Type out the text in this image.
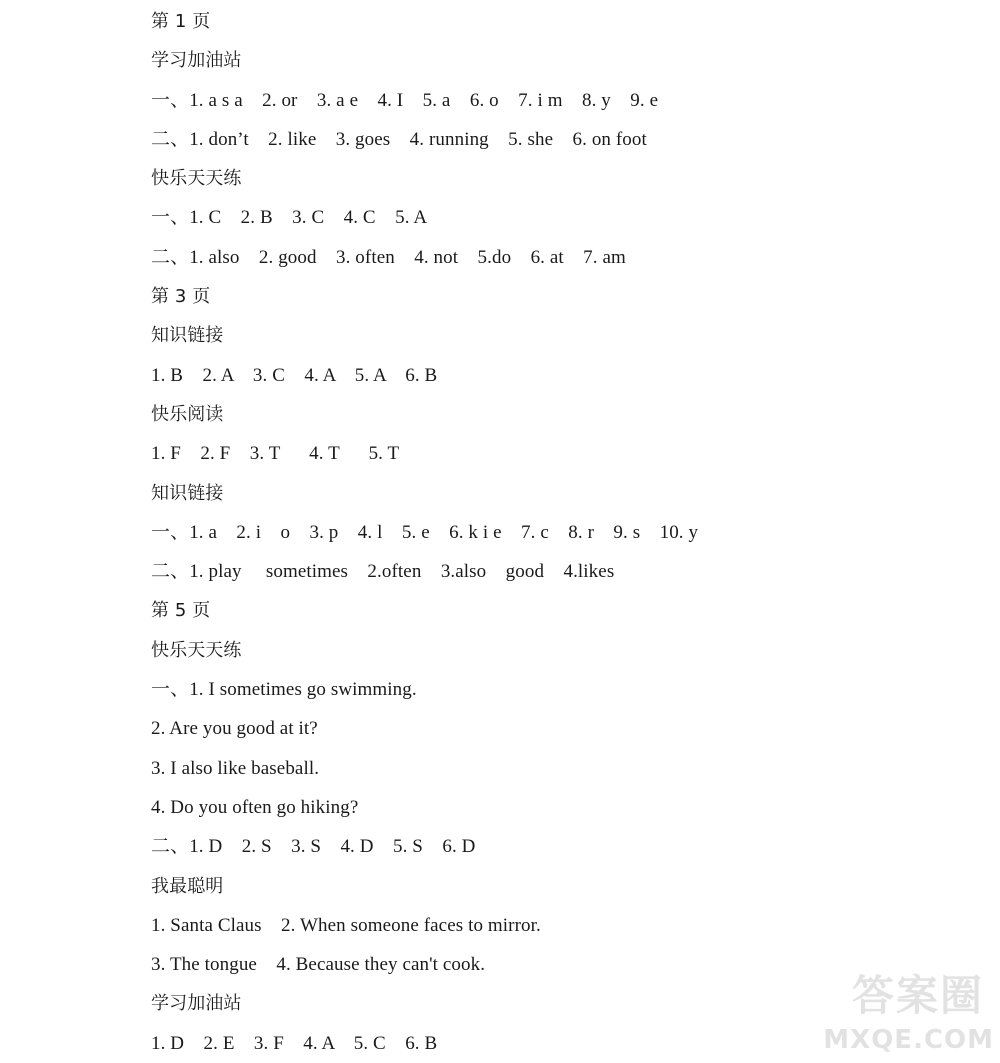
第 1 页
学习加油站
一、1. a s a    2. or    3. a e    4. I    5. a    6. o    7. i m    8. y    9. e
二、1. don’t    2. like    3. goes    4. running    5. she    6. on foot
快乐天天练
一、1. C    2. B    3. C    4. C    5. A
二、1. also    2. good    3. often    4. not    5.do    6. at    7. am
第 3 页
知识链接
1. B    2. A    3. C    4. A    5. A    6. B
快乐阅读
1. F    2. F    3. T      4. T      5. T
知识链接
一、1. a    2. i    o    3. p    4. l    5. e    6. k i e    7. c    8. r    9. s    10. y
二、1. play     sometimes    2.often    3.also    good    4.likes
第 5 页
快乐天天练
一、1. I sometimes go swimming.
2. Are you good at it?
3. I also like baseball.
4. Do you often go hiking?
二、1. D    2. S    3. S    4. D    5. S    6. D
我最聪明
1. Santa Claus    2. When someone faces to mirror.
3. The tongue    4. Because they can't cook.
学习加油站
1. D    2. E    3. F    4. A    5. C    6. B
答案圈
MXQE.COM
